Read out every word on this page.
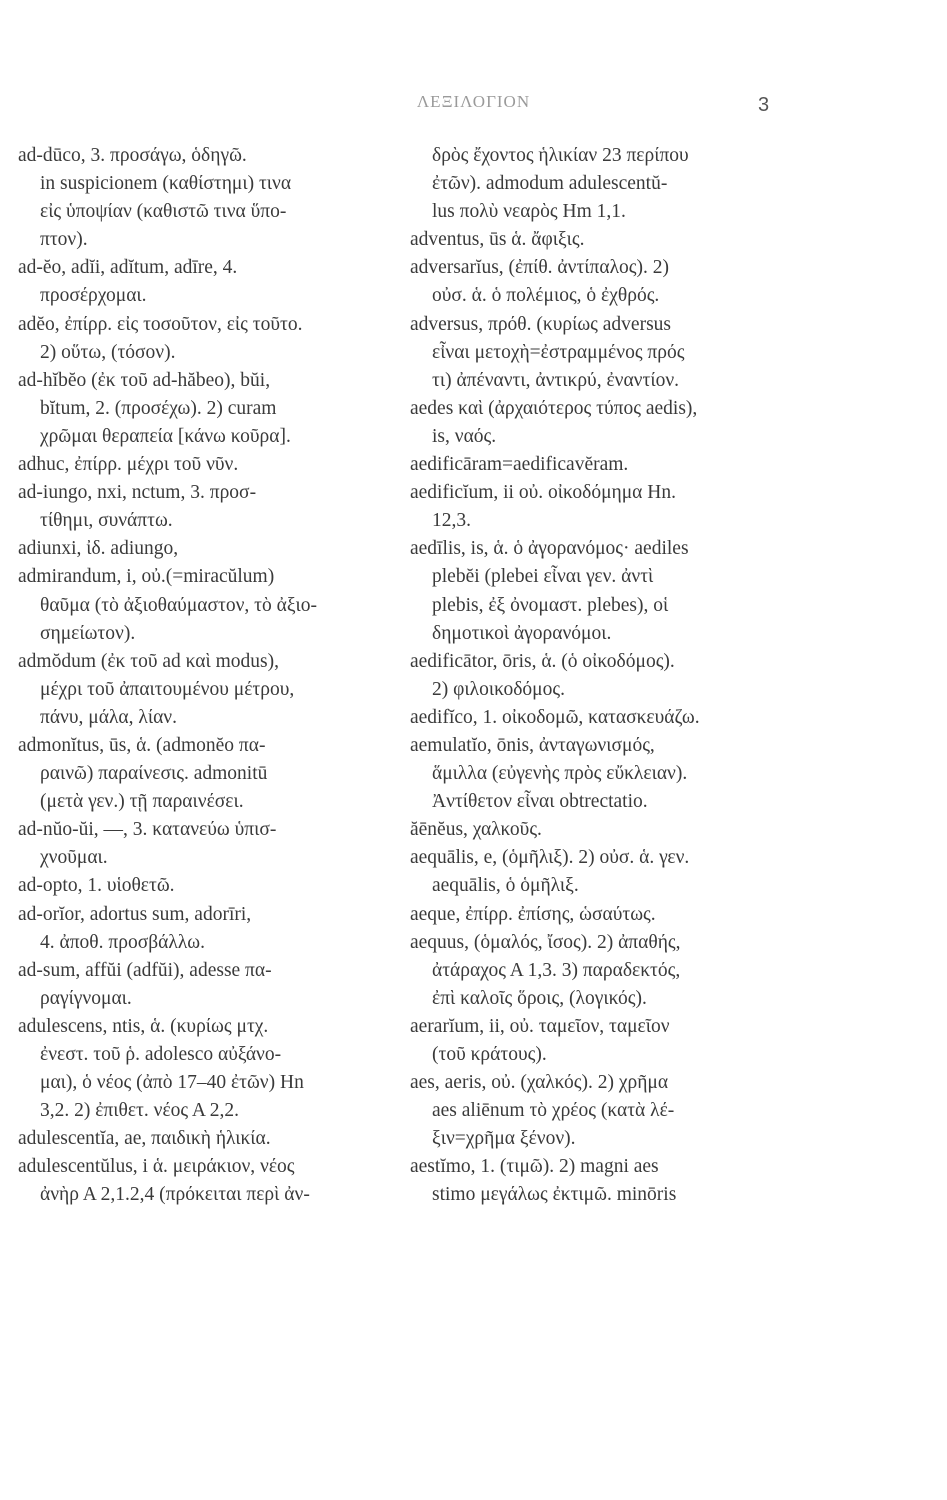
ΛΕΞΙΛΟΓΙΟΝ	3
ad-dūco, 3. προσάγω, ὁδηγῶ.
in suspicionem (καθίστημι) τινα
εἰς ὑποψίαν (καθιστῶ τινα ὕπο-
πτον).
ad-ĕo, adĭi, adĭtum, adīre, 4.
προσέρχομαι.
adĕo, ἐπίρρ. εἰς τοσοῦτον, εἰς τοῦτο.
2) οὕτω, (τόσον).
ad-hĭbĕo (ἐκ τοῦ ad-hăbeo), bŭi,
bĭtum, 2. (προσέχω). 2) curam
χρῶμαι θεραπεία [κάνω κοῦρα].
adhuc, ἐπίρρ. μέχρι τοῦ νῦν.
ad-iungo, nxi, nctum, 3. προσ-
τίθημι, συνάπτω.
adiunxi, ἰδ. adiungo,
admirandum, i, οὐ.(=miracŭlum)
θαῦμα (τὸ ἀξιοθαύμαστον, τὸ ἀξιο-
σημείωτον).
admŏdum (ἐκ τοῦ ad καὶ modus),
μέχρι τοῦ ἀπαιτουμένου μέτρου,
πάνυ, μάλα, λίαν.
admonĭtus, ūs, ἁ. (admonĕo πα-
ραινῶ) παραίνεσις. admonitū
(μετὰ γεν.) τῇ παραινέσει.
ad-nŭo-ŭi, —, 3. κατανεύω ὑπισ-
χνοῦμαι.
ad-opto, 1. υἱοθετῶ.
ad-orĭor, adortus sum, adorīri,
4. ἀποθ. προσβάλλω.
ad-sum, affŭi (adfŭi), adesse πα-
ραγίγνομαι.
adulescens, ntis, ἁ. (κυρίως μτχ.
ἐνεστ. τοῦ ῥ. adolesco αὐξάνο-
μαι), ὁ νέος (ἀπὸ 17–40 ἐτῶν) Hn
3,2. 2) ἐπιθετ. νέος Α 2,2.
adulescentĭa, ae, παιδικὴ ἡλικία.
adulescentŭlus, i ἁ. μειράκιον, νέος
ἀνὴρ Α 2,1.2,4 (πρόκειται περὶ ἀν-
δρὸς ἔχοντος ἡλικίαν 23 περίπου
ἐτῶν). admodum adulescentŭ-
lus πολὺ νεαρὸς Hm 1,1.
adventus, ūs ἁ. ἄφιξις.
adversarĭus, (ἐπίθ. ἀντίπαλος). 2)
οὐσ. ἁ. ὁ πολέμιος, ὁ ἐχθρός.
adversus, πρόθ. (κυρίως adversus
εἶναι μετοχὴ=ἐστραμμένος πρός
τι) ἀπέναντι, ἀντικρύ, ἐναντίον.
aedes καὶ (ἀρχαιότερος τύπος aedis),
is, ναός.
aedificāram=aedificavĕram.
aedificĭum, ii οὐ. οἰκοδόμημα Hn.
12,3.
aedīlis, is, ἁ. ὁ ἀγορανόμος· aediles
plebĕi (plebei εἶναι γεν. ἀντὶ
plebis, ἐξ ὀνομαστ. plebes), οἱ
δημοτικοὶ ἀγορανόμοι.
aedificātor, ōris, ἁ. (ὁ οἰκοδόμος).
2) φιλοικοδόμος.
aedifĭco, 1. οἰκοδομῶ, κατασκευάζω.
aemulatĭo, ōnis, ἀνταγωνισμός,
ἅμιλλα (εὐγενὴς πρὸς εὔκλειαν).
Ἀντίθετον εἶναι obtrectatio.
ăēnĕus, χαλκοῦς.
aequālis, e, (ὁμῆλιξ). 2) οὐσ. ἁ. γεν.
aequālis, ὁ ὁμῆλιξ.
aeque, ἐπίρρ. ἐπίσης, ὡσαύτως.
aequus, (ὁμαλός, ἴσος). 2) ἀπαθής,
ἀτάραχος Α 1,3. 3) παραδεκτός,
ἐπὶ καλοῖς ὅροις, (λογικός).
aerarĭum, ii, οὐ. ταμεῖον, ταμεῖον
(τοῦ κράτους).
aes, aeris, οὐ. (χαλκός). 2) χρῆμα
aes aliēnum τὸ χρέος (κατὰ λέ-
ξιν=χρῆμα ξένον).
aestĭmo, 1. (τιμῶ). 2) magni aes
stimo μεγάλως ἐκτιμῶ. minōris
